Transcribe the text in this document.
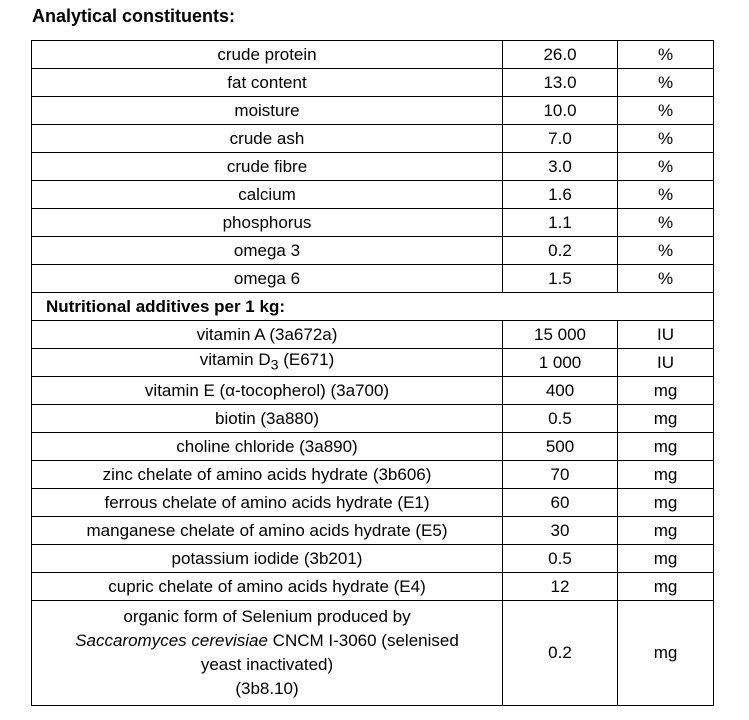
Analytical constituents:
crude protein	26.0	%
fat content	13.0	%
moisture	10.0	%
crude ash	7.0	%
crude fibre	3.0	%
calcium	1.6	%
phosphorus	1.1	%
omega 3	0.2	%
omega 6	1.5	%
Nutritional additives per 1 kg:		
vitamin A (3a672a)	15 000	IU
vitamin $D_3$ (E671)	1 000	IU
vitamin E (α-tocopherol) (3a700)	400	mg
biotin (3a880)	0.5	mg
choline chloride (3a890)	500	mg
zinc chelate of amino acids hydrate (3b606)	70	mg
ferrous chelate of amino acids hydrate (E1)	60	mg
manganese chelate of amino acids hydrate (E5)	30	mg
potassium iodide (3b201)	0.5	mg
cupric chelate of amino acids hydrate (E4)	12	mg
organic form of Selenium produced by
Saccaromyces cerevisiae CNCM I-3060 (selenised
yeast inactivated)
(3b8.10)	0.2	mg
